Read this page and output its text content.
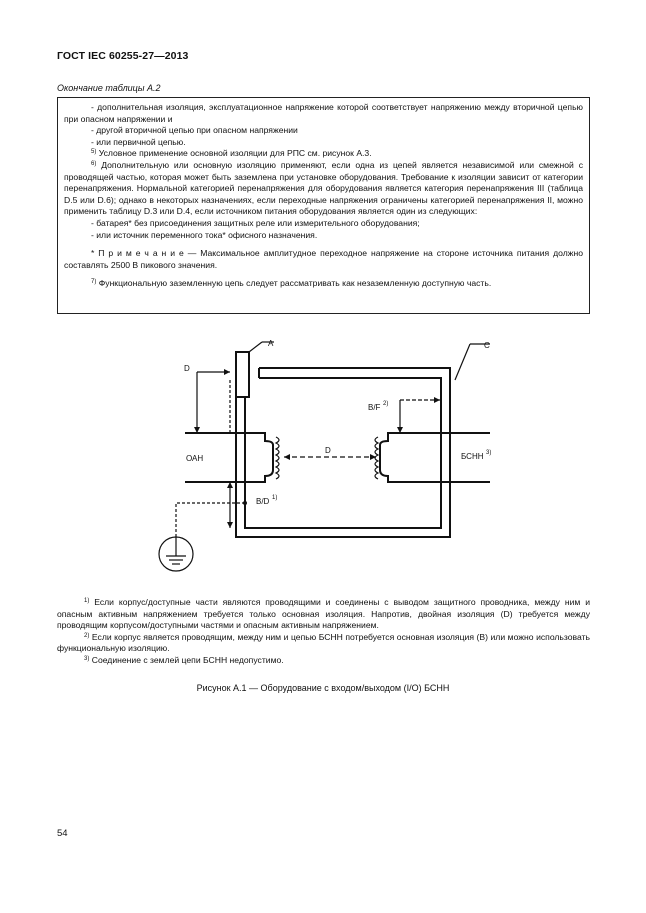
ГОСТ IEC 60255-27—2013
Окончание таблицы А.2

- дополнительная изоляция, эксплуатационное напряжение которой соответствует напряжению между вторичной цепью при опасном напряжении и

- другой вторичной цепью при опасном напряжении

- или первичной цепью.

$^{5)}$ Условное применение основной изоляции для РПС см. рисунок А.3.

$^{6)}$ Дополнительную или основную изоляцию применяют, если одна из цепей является независимой или смежной с проводящей частью, которая может быть заземлена при установке оборудования. Требование к изоляции зависит от категории перенапряжения. Нормальной категорией перенапряжения для оборудования является категория перенапряжения III (таблица D.5 или D.6); однако в некоторых назначениях, если переходные напряжения ограничены категорией перенапряжения II, можно применить таблицу D.3 или D.4, если источником питания оборудования является один из следующих:

- батарея* без присоединения защитных реле или измерительного оборудования;

- или источник переменного тока* офисного назначения.

* П р и м е ч а н и е — Максимальное амплитудное переходное напряжение на стороне источника питания должно составлять 2500 В пикового значения.

$^{7)}$ Функциональную заземленную цепь следует рассматривать как незаземленную доступную часть.

A	C
D
D
B/F 2)
B/D 1)
ОАН	БСНН 3)

$^{1)}$ Если корпус/доступные части являются проводящими и соединены с выводом защитного проводника, между ним и опасным активным напряжением требуется только основная изоляция. Напротив, двойная изоляция (D) требуется между проводящим корпусом/доступными частями и опасным активным напряжением.

$^{2)}$ Если корпус является проводящим, между ним и цепью БСНН потребуется основная изоляция (B) или можно использовать функциональную изоляцию.

$^{3)}$ Соединение с землей цепи БСНН недопустимо.

Рисунок А.1 — Оборудование с входом/выходом (I/O) БСНН
54
